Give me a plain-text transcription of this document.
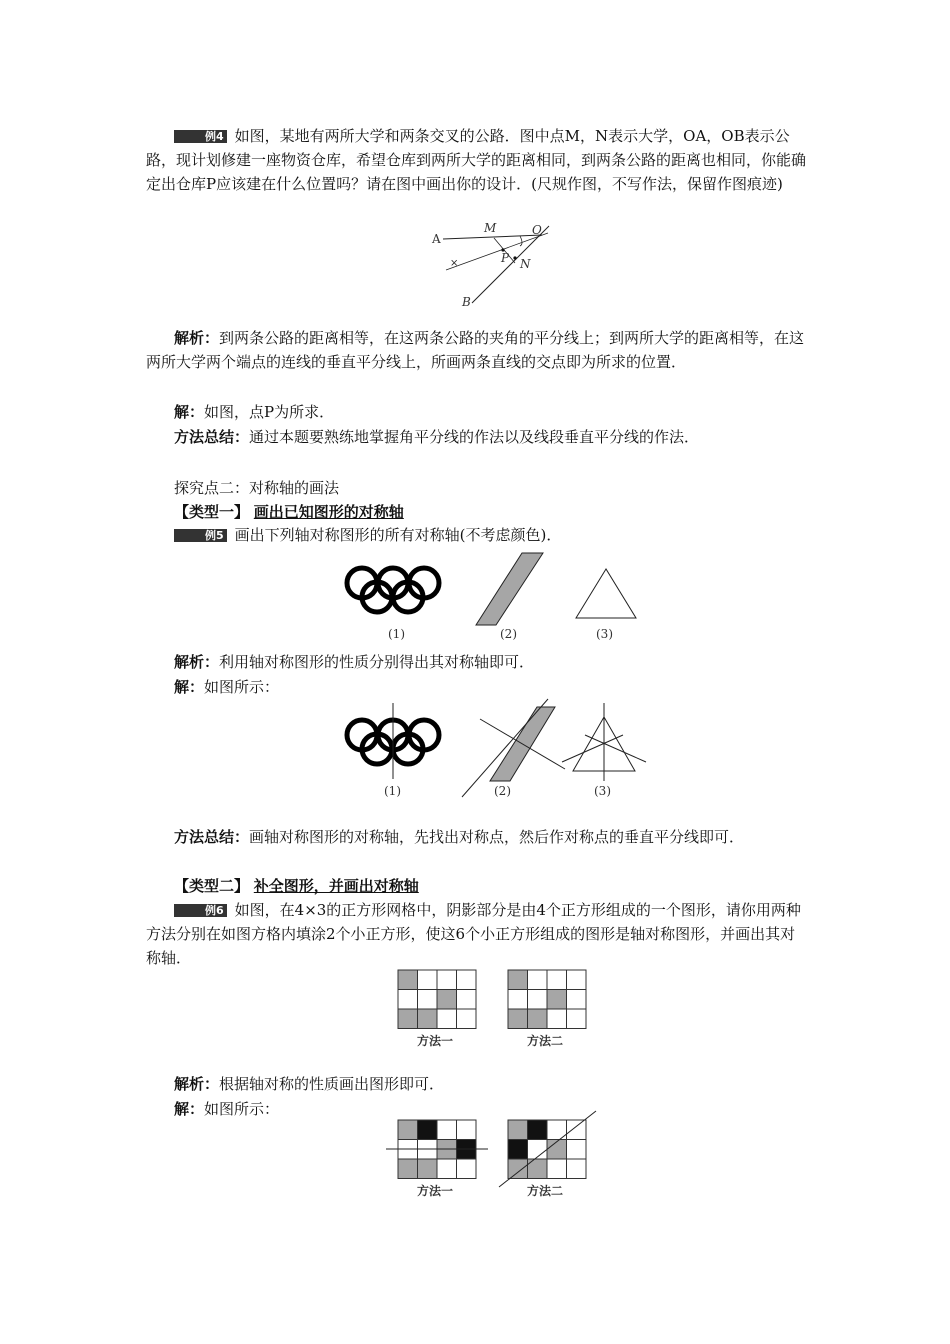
例4 如图，某地有两所大学和两条交叉的公路．图中点M，N表示大学，OA，OB表示公路，现计划修建一座物资仓库，希望仓库到两所大学的距离相同，到两条公路的距离也相同，你能确定出仓库P应该建在什么位置吗？请在图中画出你的设计．(尺规作图，不写作法，保留作图痕迹)

×
A
M	O
P N
B

解析：到两条公路的距离相等，在这两条公路的夹角的平分线上；到两所大学的距离相等，在这两所大学两个端点的连线的垂直平分线上，所画两条直线的交点即为所求的位置．

解：如图，点P为所求．

方法总结：通过本题要熟练地掌握角平分线的作法以及线段垂直平分线的作法．

探究点二：对称轴的画法

【类型一】 画出已知图形的对称轴

例5 画出下列轴对称图形的所有对称轴(不考虑颜色)．

(1)	(2)	(3)

解析：利用轴对称图形的性质分别得出其对称轴即可．

解：如图所示：

(1)	(2)	(3)

方法总结：画轴对称图形的对称轴，先找出对称点，然后作对称点的垂直平分线即可．

【类型二】 补全图形，并画出对称轴

例6 如图，在4×3的正方形网格中，阴影部分是由4个正方形组成的一个图形，请你用两种方法分别在如图方格内填涂2个小正方形，使这6个小正方形组成的图形是轴对称图形，并画出其对称轴．

方法一	方法二

解析：根据轴对称的性质画出图形即可．

解：如图所示：

方法一	方法二
